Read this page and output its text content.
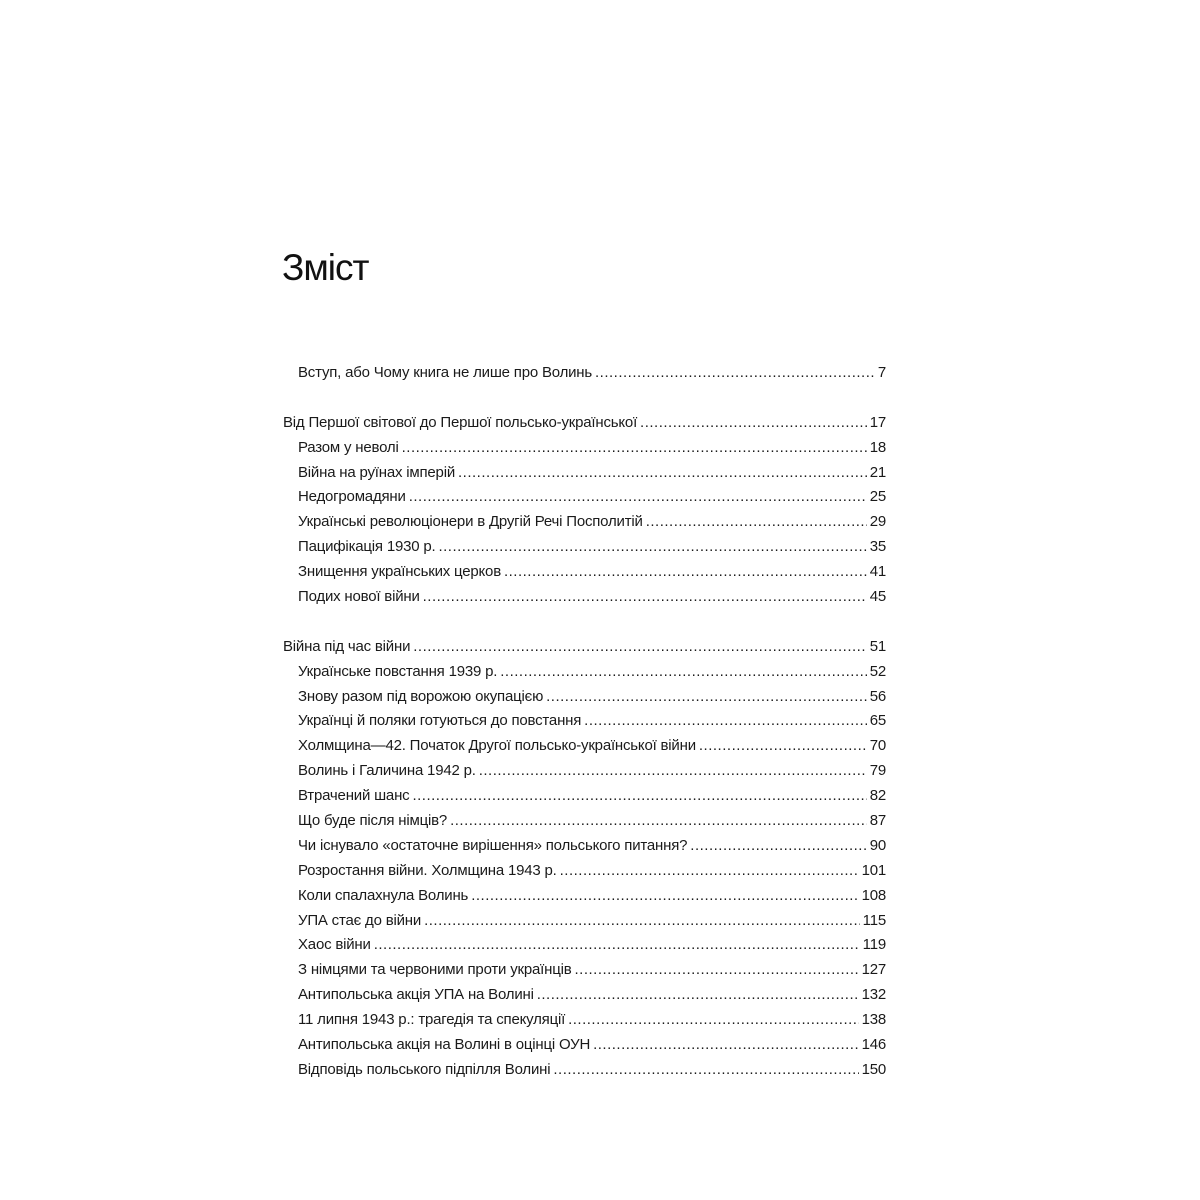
Зміст
Вступ, або Чому книга не лише про Волинь .....	7
Від Першої світової до Першої польсько-української .....	17
Разом у неволі .....	18
Війна на руїнах імперій .....	21
Недогромадяни .....	25
Українські революціонери в Другій Речі Посполитій .....	29
Пацифікація 1930 р. .....	35
Знищення українських церков .....	41
Подих нової війни .....	45
Війна під час війни .....	51
Українське повстання 1939 р. .....	52
Знову разом під ворожою окупацією .....	56
Українці й поляки готуються до повстання .....	65
Холмщина—42. Початок Другої польсько-української війни .....	70
Волинь і Галичина 1942 р. .....	79
Втрачений шанс .....	82
Що буде після німців? .....	87
Чи існувало «остаточне вирішення» польського питання? .....	90
Розростання війни. Холмщина 1943 р. .....	101
Коли спалахнула Волинь .....	108
УПА стає до війни .....	115
Хаос війни .....	119
З німцями та червоними проти українців .....	127
Антипольська акція УПА на Волині .....	132
11 липня 1943 р.: трагедія та спекуляції .....	138
Антипольська акція на Волині в оцінці ОУН .....	146
Відповідь польського підпілля Волині .....	150
